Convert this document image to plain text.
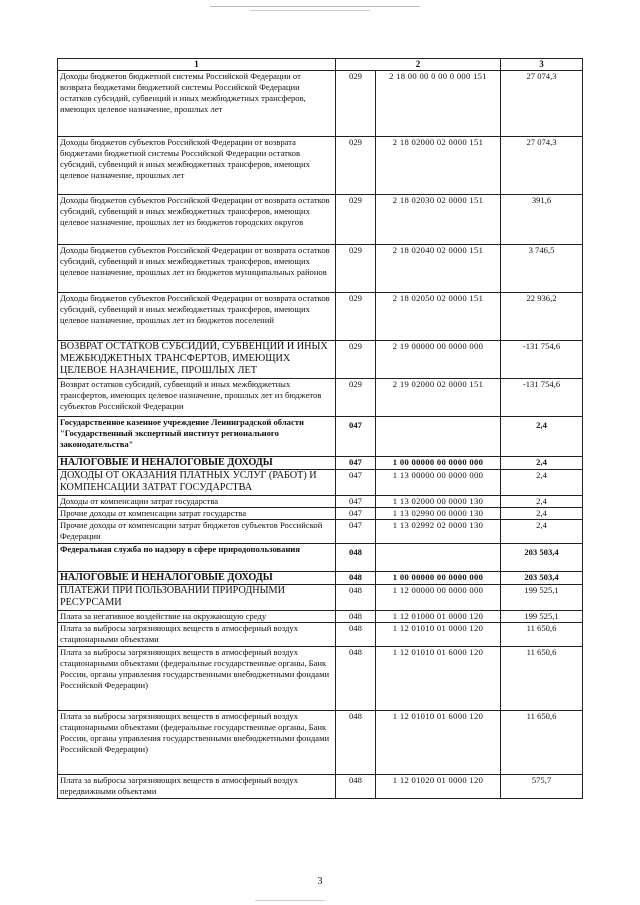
1	2		3
Доходы бюджетов бюджетной системы Российской Федерации от возврата бюджетами бюджетной системы Российской Федерации остатков субсидий, субвенций и иных межбюджетных трансферов, имеющих целевое назначение, прошлых лет	029	2 18 00 00 0 00 0 000 151	27 074,3
Доходы бюджетов субъектов Российской Федерации от возврата бюджетами бюджетной системы Российской Федерации остатков субсидий, субвенций и иных межбюджетных трансферов, имеющих целевое назначение, прошлых лет	029	2 18 02000 02 0000 151	27 074,3
Доходы бюджетов субъектов Российской Федерации от возврата остатков субсидий, субвенций и иных межбюджетных трансферов, имеющих целевое назначение, прошлых лет из бюджетов городских округов	029	2 18 02030 02 0000 151	391,6
Доходы бюджетов субъектов Российской Федерации от возврата остатков субсидий, субвенций и иных межбюджетных трансферов, имеющих целевое назначение, прошлых лет из бюджетов муниципальных районов	029	2 18 02040 02 0000 151	3 746,5
Доходы бюджетов субъектов Российской Федерации от возврата остатков субсидий, субвенций и иных межбюджетных трансферов, имеющих целевое назначение, прошлых лет из бюджетов поселений	029	2 18 02050 02 0000 151	22 936,2
ВОЗВРАТ ОСТАТКОВ СУБСИДИЙ, СУБВЕНЦИЙ И ИНЫХ МЕЖБЮДЖЕТНЫХ ТРАНСФЕРТОВ, ИМЕЮЩИХ ЦЕЛЕВОЕ НАЗНАЧЕНИЕ, ПРОШЛЫХ ЛЕТ	029	2 19 00000 00 0000 000	-131 754,6
Возврат остатков субсидий, субвенций и иных межбюджетных трансфертов, имеющих целевое назначение, прошлых лет из бюджетов субъектов Российской Федерации	029	2 19 02000 02 0000 151	-131 754,6
Государственное казенное учреждение Ленинградской области "Государственный экспертный институт регионального законодательства"	047		2,4
НАЛОГОВЫЕ И НЕНАЛОГОВЫЕ ДОХОДЫ	047	1 00 00000 00 0000 000	2,4
ДОХОДЫ ОТ ОКАЗАНИЯ ПЛАТНЫХ УСЛУГ (РАБОТ) И КОМПЕНСАЦИИ ЗАТРАТ ГОСУДАРСТВА	047	1 13 00000 00 0000 000	2,4
Доходы от компенсации затрат государства	047	1 13 02000 00 0000 130	2,4
Прочие доходы от компенсации затрат государства	047	1 13 02990 00 0000 130	2,4
Прочие доходы от компенсации затрат бюджетов субъектов Российской Федерации	047	1 13 02992 02 0000 130	2,4
Федеральная служба по надзору в сфере природопользования	048		203 503,4
НАЛОГОВЫЕ И НЕНАЛОГОВЫЕ ДОХОДЫ	048	1 00 00000 00 0000 000	203 503,4
ПЛАТЕЖИ ПРИ ПОЛЬЗОВАНИИ ПРИРОДНЫМИ РЕСУРСАМИ	048	1 12 00000 00 0000 000	199 525,1
Плата за негативное воздействие на окружающую среду	048	1 12 01000 01 0000 120	199 525,1
Плата за выбросы загрязняющих веществ в атмосферный воздух стационарными объектами	048	1 12 01010 01 0000 120	11 650,6
Плата за выбросы загрязняющих веществ в атмосферный воздух стационарными объектами (федеральные государственные органы, Банк России, органы управления государственными внебюджетными фондами Российской Федерации)	048	1 12 01010 01 6000 120	11 650,6
Плата за выбросы загрязняющих веществ в атмосферный воздух стационарными объектами (федеральные государственные органы, Банк России, органы управления государственными внебюджетными фондами Российской Федерации)	048	1 12 01010 01 6000 120	11 650,6
Плата за выбросы загрязняющих веществ в атмосферный воздух передвижными объектами	048	1 12 01020 01 0000 120	575,7
3
